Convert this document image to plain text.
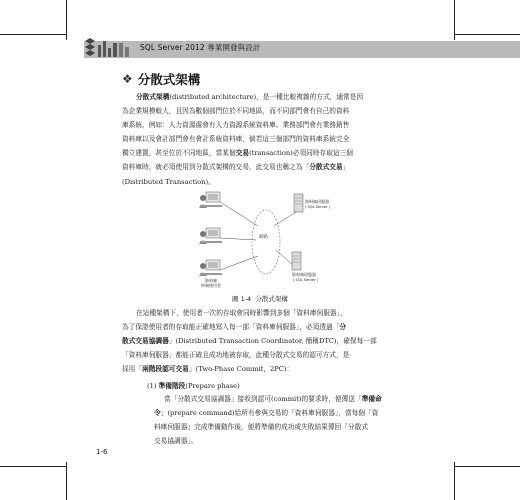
SQL Server 2012 專業開發與設計
❖ 分散式架構
分散式架構(distributed architecture)，是一種比較複雜的方式，通常是因
為企業規模較大，且因為數個部門位於不同地區，而不同部門會有自己的資料
庫系統，例如：人力資源處會有人力資源系統資料庫、業務部門會有業務銷售
資料庫以及會計部門會有會計系統資料庫，倘若這三個部門的資料庫系統完全
獨立建置，甚至位於不同地區，當某個交易(transaction)必須同時存取這三個
資料庫時，就必須使用到分散式架構的交易，此交易也稱之為「分散式交易」
(Distributed Transaction)。
網路
資料庫
終端使用者
資料庫伺服器
( SQL Server )
資料庫伺服器
( SQL Server )
圖 1-4 分散式架構
在這種架構下，使用者一次的存取會同時影響到多個「資料庫伺服器」，
為了保證使用者的存取能正確地寫入每一部「資料庫伺服器」，必須透過「分
散式交易協調器」(Distributed Transaction Coordinator, 簡稱DTC)，確保每一部
「資料庫伺服器」都能正確且成功地被存取，此種分散式交易的認可方式，是
採用「兩階段認可交易」(Two-Phase Commit，2PC)：
(1) 準備階段(Prepare phase)
當「分散式交易協調器」接收到認可(commit)的要求時，便傳送「準備命
令」(prepare command)給所有參與交易的「資料庫伺服器」，當每個「資
料庫伺服器」完成準備動作後，便將準備的成功或失敗結果傳回「分散式
交易協調器」。
1-6
